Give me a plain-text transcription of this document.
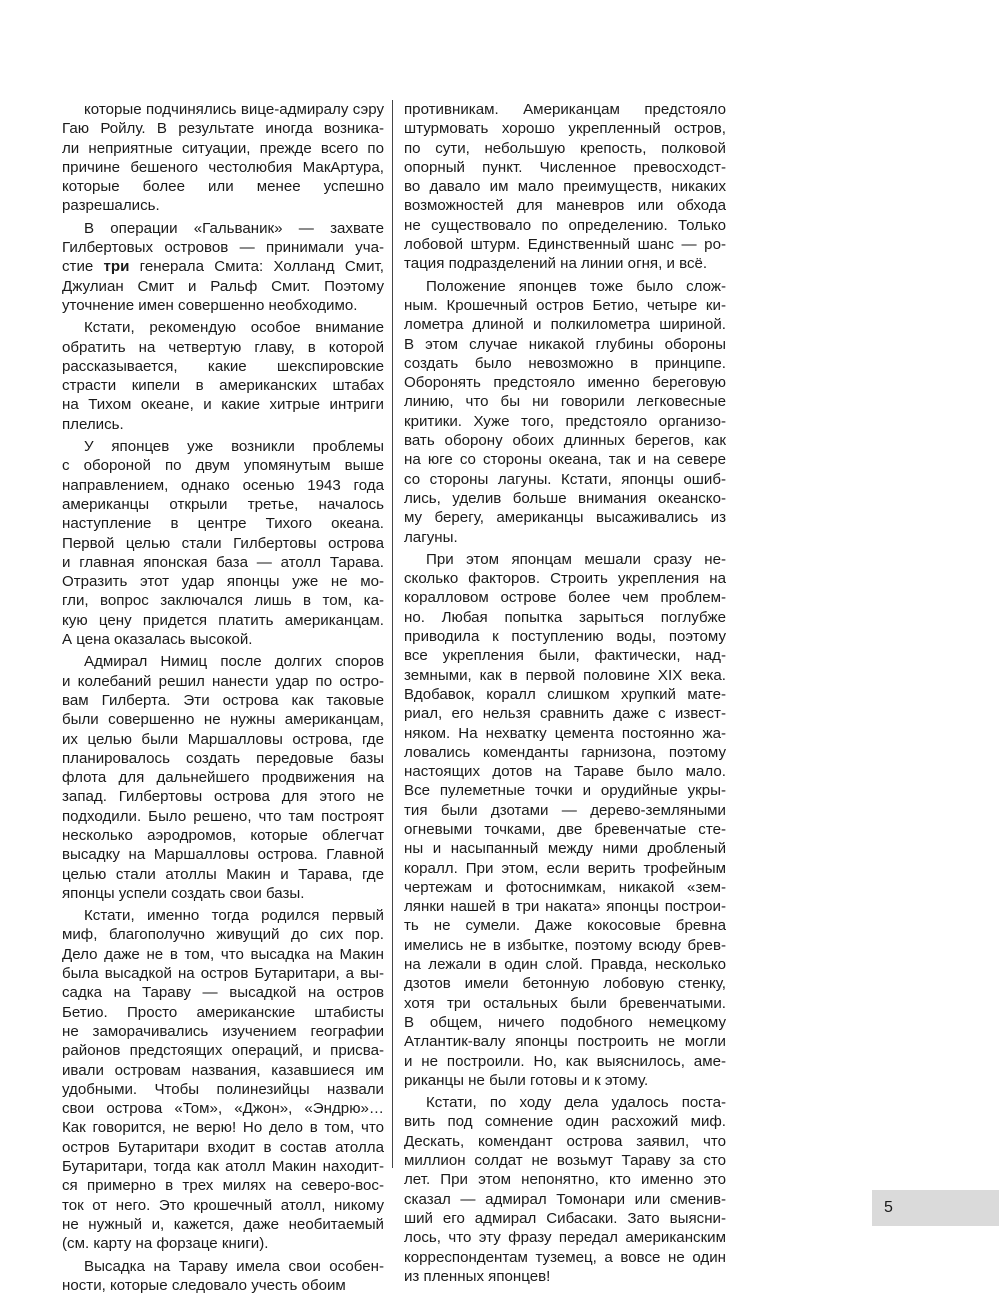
которые подчинялись вице-адмиралу сэру
Гаю Ройлу. В результате иногда возника-
ли неприятные ситуации, прежде всего по
причине бешеного честолюбия МакАртура,
которые более или менее успешно
разрешались.
В операции «Гальваник» — захвате
Гилбертовых островов — принимали уча-
стие три генерала Смита: Холланд Смит,
Джулиан Смит и Ральф Смит. Поэтому
уточнение имен совершенно необходимо.
Кстати, рекомендую особое внимание
обратить на четвертую главу, в которой
рассказывается, какие шекспировские
страсти кипели в американских штабах
на Тихом океане, и какие хитрые интриги
плелись.
У японцев уже возникли проблемы
с обороной по двум упомянутым выше
направлением, однако осенью 1943 года
американцы открыли третье, началось
наступление в центре Тихого океана.
Первой целью стали Гилбертовы острова
и главная японская база — атолл Тарава.
Отразить этот удар японцы уже не мо-
гли, вопрос заключался лишь в том, ка-
кую цену придется платить американцам.
А цена оказалась высокой.
Адмирал Нимиц после долгих споров
и колебаний решил нанести удар по остро-
вам Гилберта. Эти острова как таковые
были совершенно не нужны американцам,
их целью были Маршалловы острова, где
планировалось создать передовые базы
флота для дальнейшего продвижения на
запад. Гилбертовы острова для этого не
подходили. Было решено, что там построят
несколько аэродромов, которые облегчат
высадку на Маршалловы острова. Главной
целью стали атоллы Макин и Тарава, где
японцы успели создать свои базы.
Кстати, именно тогда родился первый
миф, благополучно живущий до сих пор.
Дело даже не в том, что высадка на Макин
была высадкой на остров Бутаритари, а вы-
садка на Тараву — высадкой на остров
Бетио. Просто американские штабисты
не заморачивались изучением географии
районов предстоящих операций, и присва-
ивали островам названия, казавшиеся им
удобными. Чтобы полинезийцы назвали
свои острова «Том», «Джон», «Эндрю»…
Как говорится, не верю! Но дело в том, что
остров Бутаритари входит в состав атолла
Бутаритари, тогда как атолл Макин находит-
ся примерно в трех милях на северо-вос-
ток от него. Это крошечный атолл, никому
не нужный и, кажется, даже необитаемый
(см. карту на форзаце книги).
Высадка на Тараву имела свои особен-
ности, которые следовало учесть обоим
противникам. Американцам предстояло
штурмовать хорошо укрепленный остров,
по сути, небольшую крепость, полковой
опорный пункт. Численное превосходст-
во давало им мало преимуществ, никаких
возможностей для маневров или обхода
не существовало по определению. Только
лобовой штурм. Единственный шанс — ро-
тация подразделений на линии огня, и всё.
Положение японцев тоже было слож-
ным. Крошечный остров Бетио, четыре ки-
лометра длиной и полкилометра шириной.
В этом случае никакой глубины обороны
создать было невозможно в принципе.
Оборонять предстояло именно береговую
линию, что бы ни говорили легковесные
критики. Хуже того, предстояло организо-
вать оборону обоих длинных берегов, как
на юге со стороны океана, так и на севере
со стороны лагуны. Кстати, японцы ошиб-
лись, уделив больше внимания океанско-
му берегу, американцы высаживались из
лагуны.
При этом японцам мешали сразу не-
сколько факторов. Строить укрепления на
коралловом острове более чем проблем-
но. Любая попытка зарыться поглубже
приводила к поступлению воды, поэтому
все укрепления были, фактически, над-
земными, как в первой половине XIX века.
Вдобавок, коралл слишком хрупкий мате-
риал, его нельзя сравнить даже с извест-
няком. На нехватку цемента постоянно жа-
ловались коменданты гарнизона, поэтому
настоящих дотов на Тараве было мало.
Все пулеметные точки и орудийные укры-
тия были дзотами — дерево-земляными
огневыми точками, две бревенчатые сте-
ны и насыпанный между ними дробленый
коралл. При этом, если верить трофейным
чертежам и фотоснимкам, никакой «зем-
лянки нашей в три наката» японцы построи-
ть не сумели. Даже кокосовые бревна
имелись не в избытке, поэтому всюду брев-
на лежали в один слой. Правда, несколько
дзотов имели бетонную лобовую стенку,
хотя три остальных были бревенчатыми.
В общем, ничего подобного немецкому
Атлантик-валу японцы построить не могли
и не построили. Но, как выяснилось, аме-
риканцы не были готовы и к этому.
Кстати, по ходу дела удалось поста-
вить под сомнение один расхожий миф.
Дескать, комендант острова заявил, что
миллион солдат не возьмут Тараву за сто
лет. При этом непонятно, кто именно это
сказал — адмирал Томонари или сменив-
ший его адмирал Сибасаки. Зато выясни-
лось, что эту фразу передал американским
корреспондентам туземец, а вовсе не один
из пленных японцев!
5
